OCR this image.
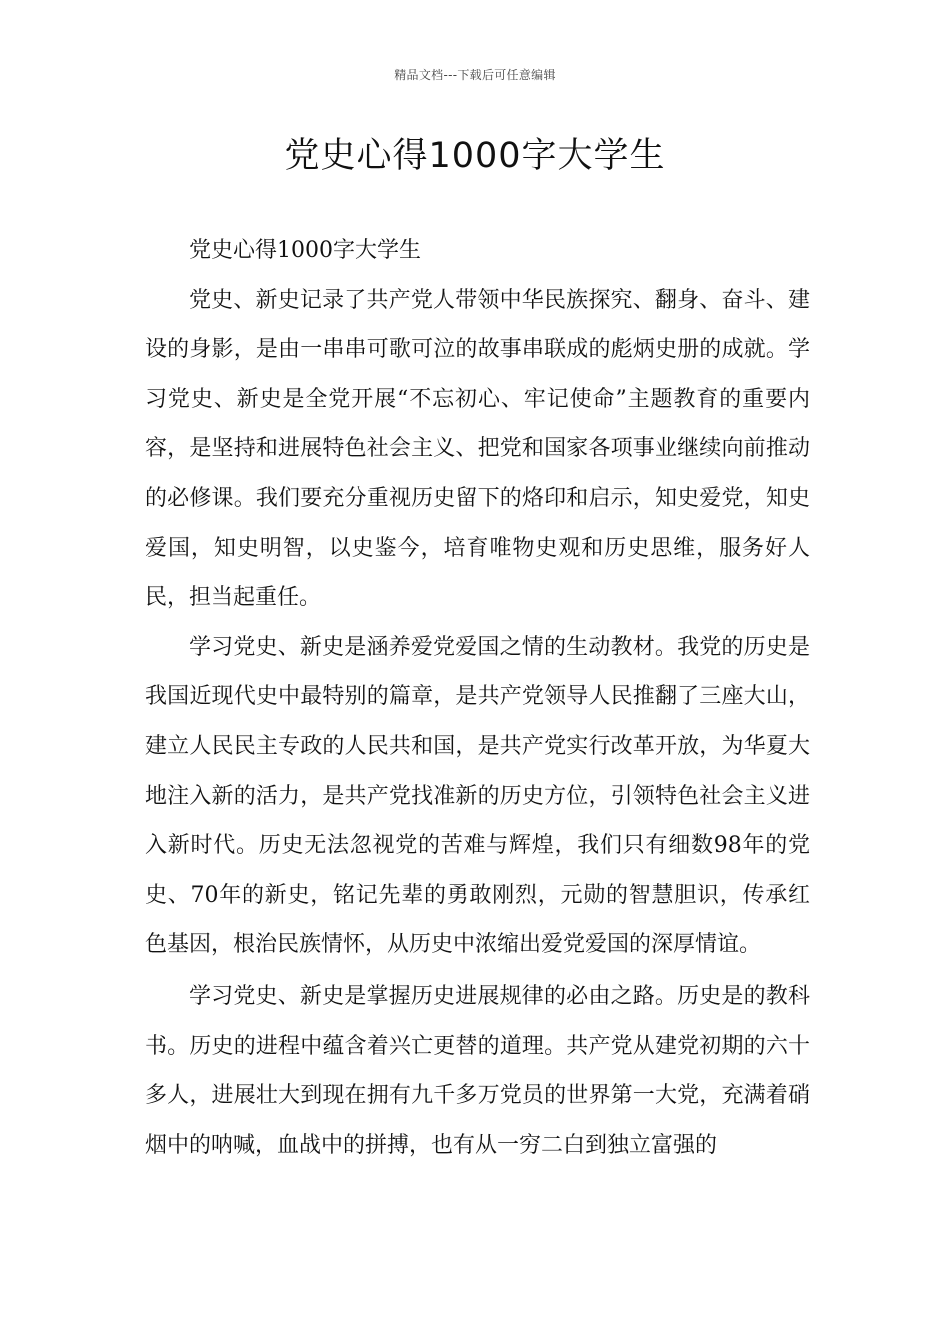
精品文档---下载后可任意编辑
党史心得1000字大学生

党史心得1000字大学生

党史、新史记录了共产党人带领中华民族探究、翻身、奋斗、建设的身影，是由一串串可歌可泣的故事串联成的彪炳史册的成就。学习党史、新史是全党开展“不忘初心、牢记使命”主题教育的重要内容，是坚持和进展特色社会主义、把党和国家各项事业继续向前推动的必修课。我们要充分重视历史留下的烙印和启示，知史爱党，知史爱国，知史明智，以史鉴今，培育唯物史观和历史思维，服务好人民，担当起重任。

学习党史、新史是涵养爱党爱国之情的生动教材。我党的历史是我国近现代史中最特别的篇章，是共产党领导人民推翻了三座大山，建立人民民主专政的人民共和国，是共产党实行改革开放，为华夏大地注入新的活力，是共产党找准新的历史方位，引领特色社会主义进入新时代。历史无法忽视党的苦难与辉煌，我们只有细数98年的党史、70年的新史，铭记先辈的勇敢刚烈，元勋的智慧胆识，传承红色基因，根治民族情怀，从历史中浓缩出爱党爱国的深厚情谊。

学习党史、新史是掌握历史进展规律的必由之路。历史是的教科书。历史的进程中蕴含着兴亡更替的道理。共产党从建党初期的六十多人，进展壮大到现在拥有九千多万党员的世界第一大党，充满着硝烟中的呐喊，血战中的拼搏，也有从一穷二白到独立富强的
